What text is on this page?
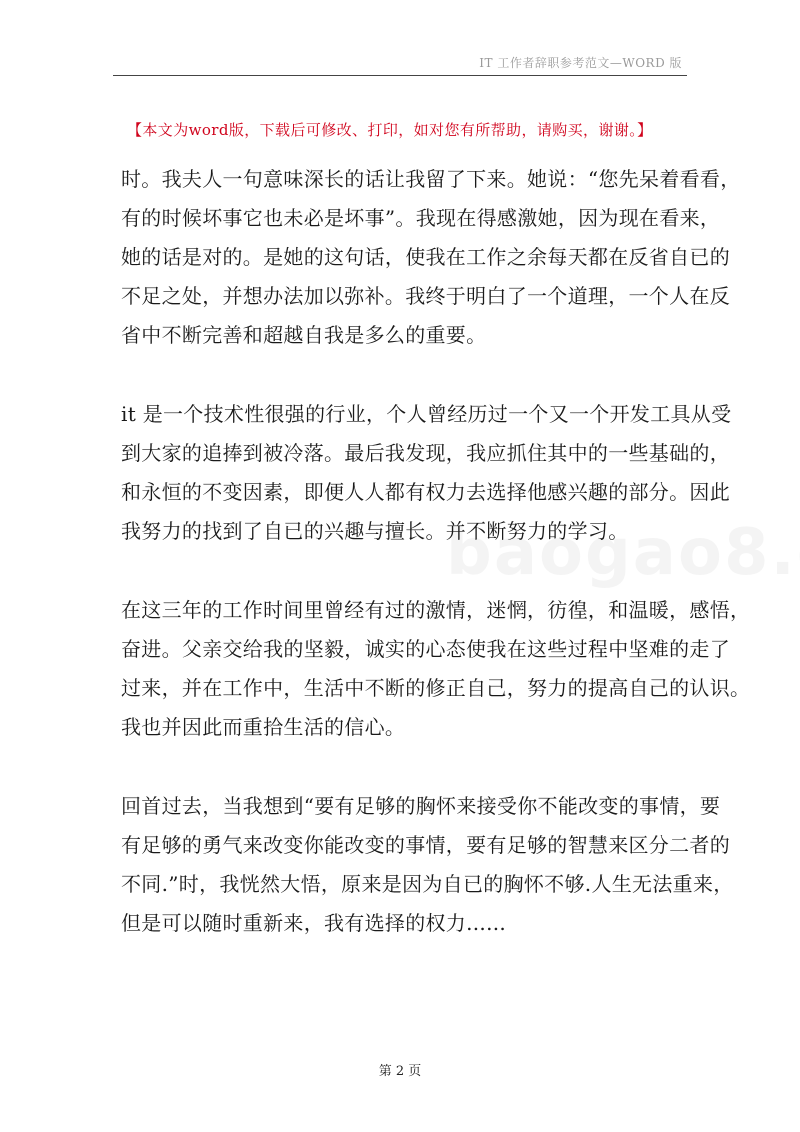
IT 工作者辞职参考范文—WORD 版
【本文为word版，下载后可修改、打印，如对您有所帮助，请购买，谢谢。】
时。我夫人一句意味深长的话让我留了下来。她说：“您先呆着看看，
有的时候坏事它也未必是坏事”。我现在得感激她，因为现在看来，
她的话是对的。是她的这句话，使我在工作之余每天都在反省自已的
不足之处，并想办法加以弥补。我终于明白了一个道理，一个人在反
省中不断完善和超越自我是多么的重要。
it 是一个技术性很强的行业，个人曾经历过一个又一个开发工具从受
到大家的追捧到被冷落。最后我发现，我应抓住其中的一些基础的，
和永恒的不变因素，即便人人都有权力去选择他感兴趣的部分。因此
我努力的找到了自已的兴趣与擅长。并不断努力的学习。
在这三年的工作时间里曾经有过的激情，迷惘，彷徨，和温暖，感悟，
奋进。父亲交给我的坚毅，诚实的心态使我在这些过程中坚难的走了
过来，并在工作中，生活中不断的修正自己，努力的提高自己的认识。
我也并因此而重拾生活的信心。
回首过去，当我想到“要有足够的胸怀来接受你不能改变的事情，要
有足够的勇气来改变你能改变的事情，要有足够的智慧来区分二者的
不同.”时，我恍然大悟，原来是因为自已的胸怀不够.人生无法重来，
但是可以随时重新来，我有选择的权力......
第 2 页
